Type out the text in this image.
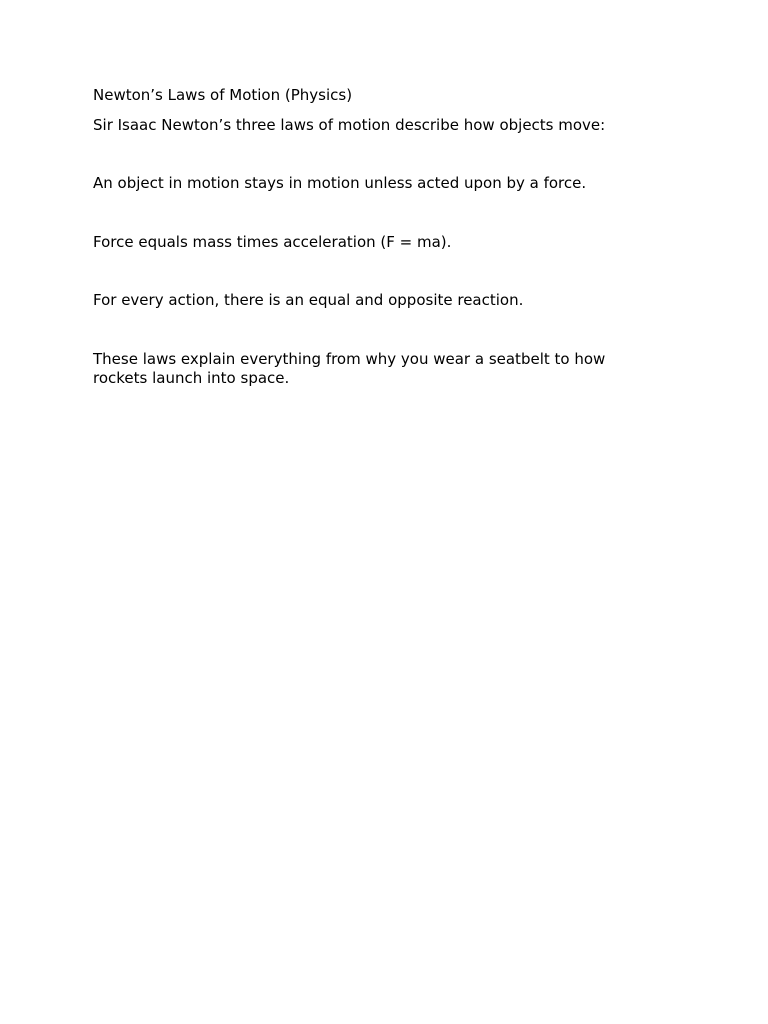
Newton’s Laws of Motion (Physics)
Sir Isaac Newton’s three laws of motion describe how objects move:
An object in motion stays in motion unless acted upon by a force.
Force equals mass times acceleration (F = ma).
For every action, there is an equal and opposite reaction.
These laws explain everything from why you wear a seatbelt to how rockets launch into space.
